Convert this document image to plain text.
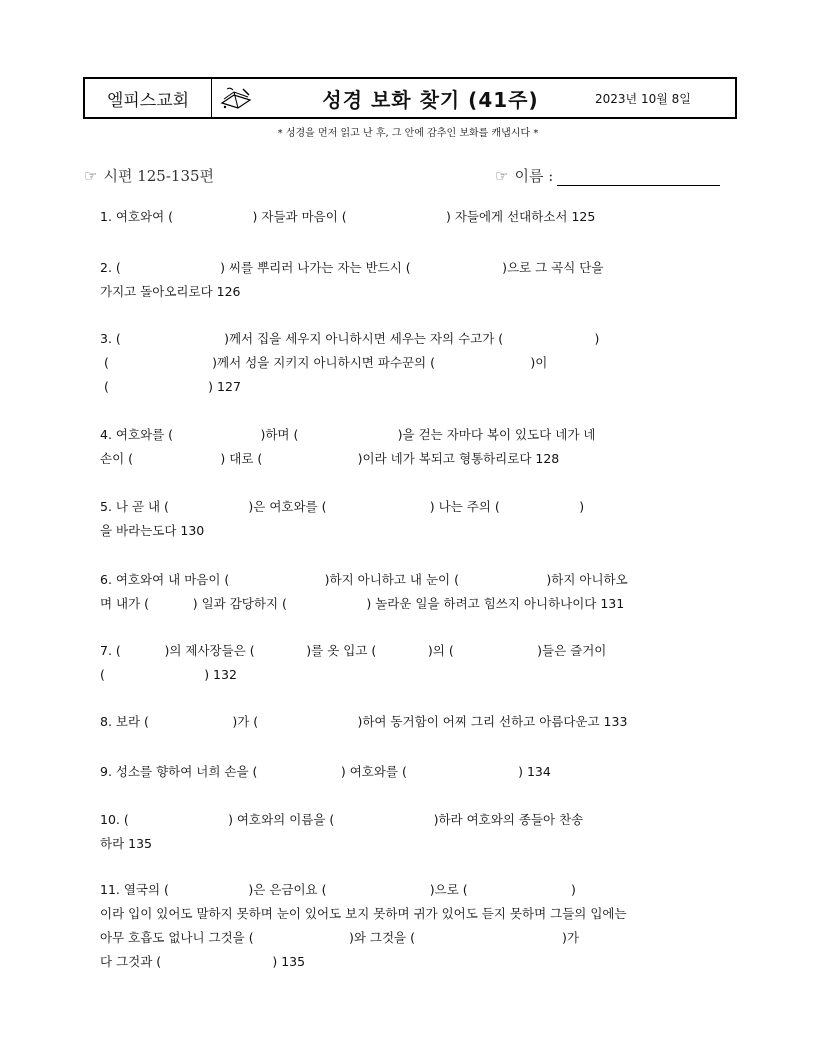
엘피스교회	성경 보화 찾기 (41주)	2023년 10월 8일
* 성경을 먼저 읽고 난 후, 그 안에 감추인 보화를 캐냅시다 *
☞ 시편 125-135편	☞ 이름 :
1. 여호와여 (                    ) 자들과 마음이 (                         ) 자들에게 선대하소서 125
2. (                         ) 씨를 뿌리러 나가는 자는 반드시 (                       )으로 그 곡식 단을
가지고 돌아오리로다 126
3. (                          )께서 집을 세우지 아니하시면 세우는 자의 수고가 (                       )
(                          )께서 성을 지키지 아니하시면 파수꾼의 (                        )이
(                         ) 127
4. 여호와를 (                      )하며 (                         )을 걷는 자마다 복이 있도다 네가 네
손이 (                      ) 대로 (                        )이라 네가 복되고 형통하리로다 128
5. 나 곧 내 (                    )은 여호와를 (                          ) 나는 주의 (                    )
을 바라는도다 130
6. 여호와여 내 마음이 (                        )하지 아니하고 내 눈이 (                      )하지 아니하오
며 내가 (           ) 일과 감당하지 (                    ) 놀라운 일을 하려고 힘쓰지 아니하나이다 131
7. (           )의 제사장들은 (             )를 옷 입고 (             )의 (                     )들은 즐거이
(                         ) 132
8. 보라 (                     )가 (                         )하여 동거함이 어찌 그리 선하고 아름다운고 133
9. 성소를 향하여 너희 손을 (                     ) 여호와를 (                            ) 134
10. (                         ) 여호와의 이름을 (                         )하라 여호와의 종들아 찬송
하라 135
11. 열국의 (                    )은 은금이요 (                          )으로 (                          )
이라 입이 있어도 말하지 못하며 눈이 있어도 보지 못하며 귀가 있어도 듣지 못하며 그들의 입에는
아무 호흡도 없나니 그것을 (                        )와 그것을 (                                     )가
다 그것과 (                            ) 135
